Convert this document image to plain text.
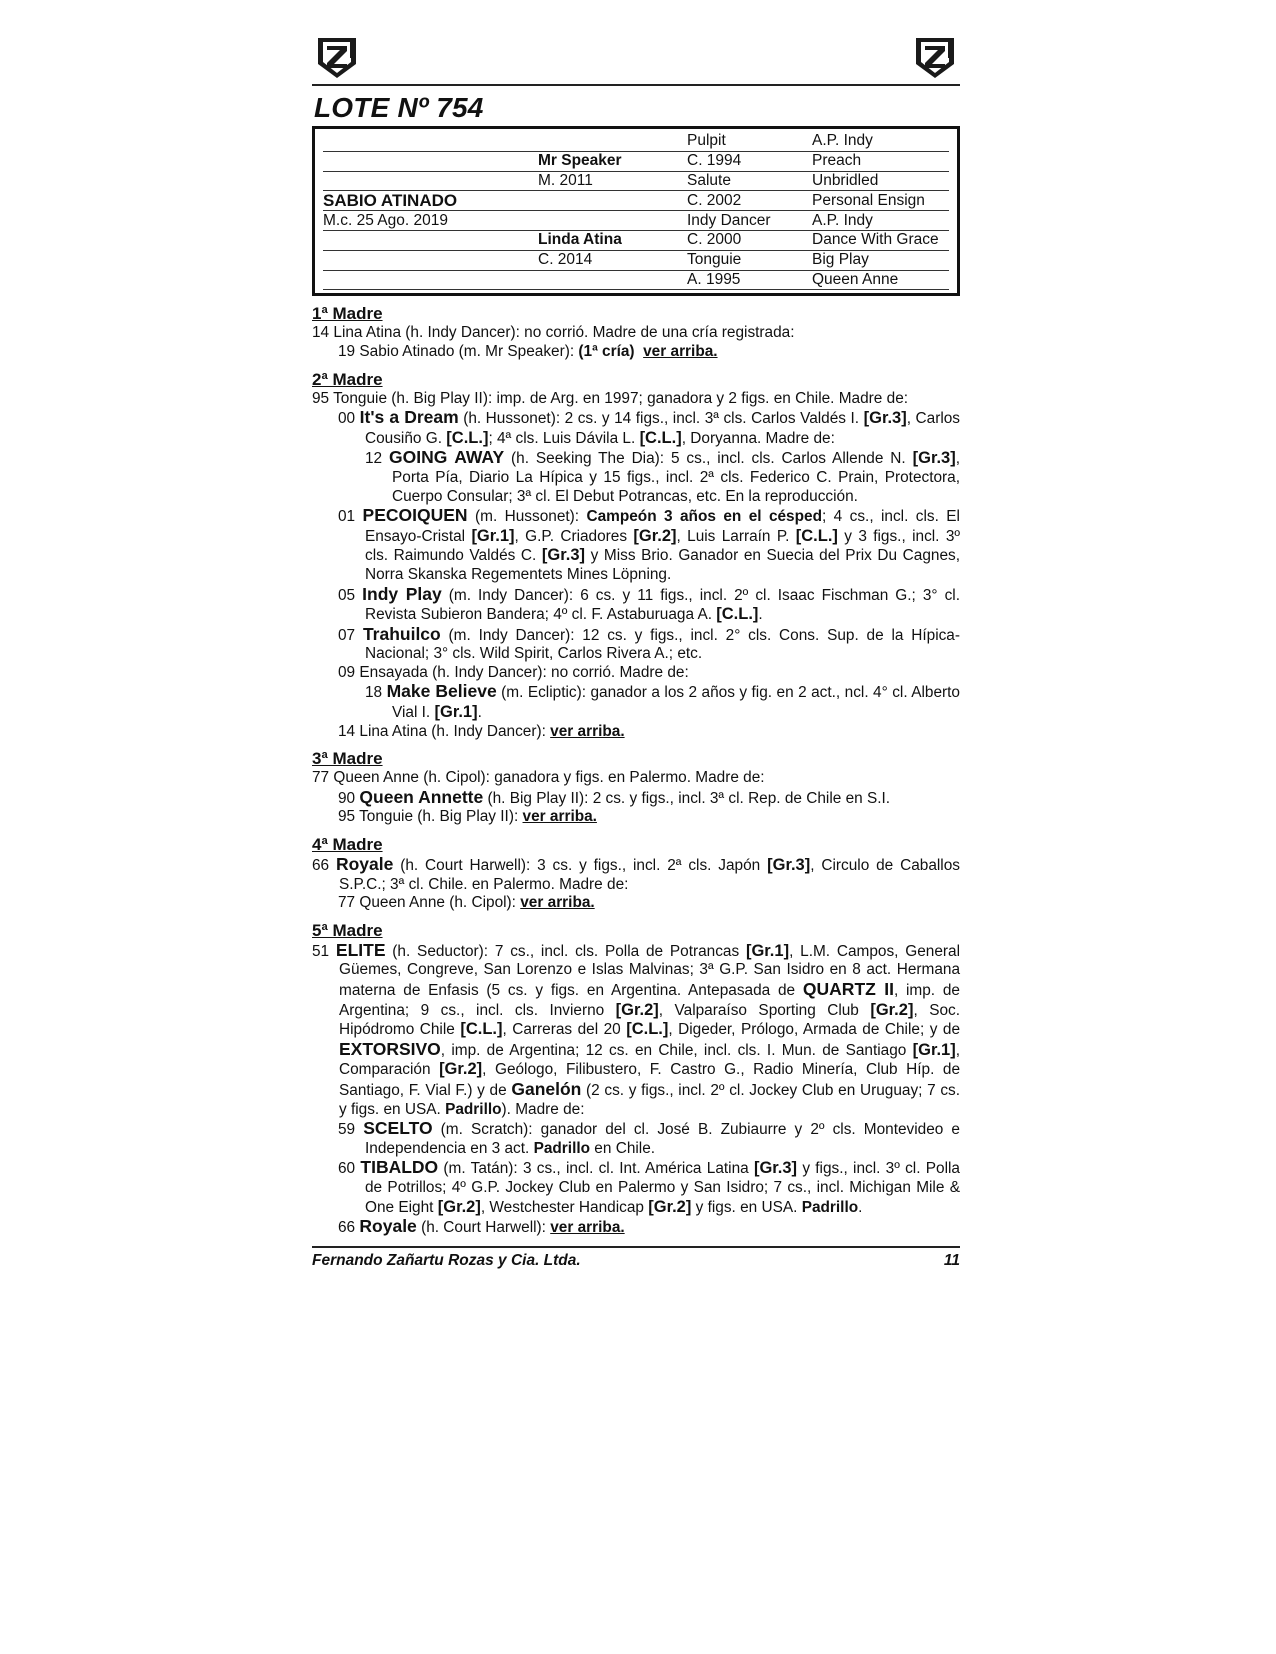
LOTE Nº 754
		Pulpit	A.P. Indy
	Mr Speaker	C. 1994	Preach
	M. 2011	Salute	Unbridled
SABIO ATINADO		C. 2002	Personal Ensign
M.c. 25 Ago. 2019		Indy Dancer	A.P. Indy
	Linda Atina	C. 2000	Dance With Grace
	C. 2014	Tonguie	Big Play
		A. 1995	Queen Anne
1ª Madre

14 Lina Atina (h. Indy Dancer): no corrió. Madre de una cría registrada:

19 Sabio Atinado (m. Mr Speaker): (1ª cría) ver arriba.

2ª Madre

95 Tonguie (h. Big Play II): imp. de Arg. en 1997; ganadora y 2 figs. en Chile. Madre de:

00 It's a Dream (h. Hussonet): 2 cs. y 14 figs., incl. 3ª cls. Carlos Valdés I. [Gr.3], Carlos Cousiño G. [C.L.]; 4ª cls. Luis Dávila L. [C.L.], Doryanna. Madre de:

12 GOING AWAY (h. Seeking The Dia): 5 cs., incl. cls. Carlos Allende N. [Gr.3], Porta Pía, Diario La Hípica y 15 figs., incl. 2ª cls. Federico C. Prain, Protectora, Cuerpo Consular; 3ª cl. El Debut Potrancas, etc. En la reproducción.

01 PECOIQUEN (m. Hussonet): Campeón 3 años en el césped; 4 cs., incl. cls. El Ensayo-Cristal [Gr.1], G.P. Criadores [Gr.2], Luis Larraín P. [C.L.] y 3 figs., incl. 3º cls. Raimundo Valdés C. [Gr.3] y Miss Brio. Ganador en Suecia del Prix Du Cagnes, Norra Skanska Regementets Mines Löpning.

05 Indy Play (m. Indy Dancer): 6 cs. y 11 figs., incl. 2º cl. Isaac Fischman G.; 3° cl. Revista Subieron Bandera; 4º cl. F. Astaburuaga A. [C.L.].

07 Trahuilco (m. Indy Dancer): 12 cs. y figs., incl. 2° cls. Cons. Sup. de la Hípica-Nacional; 3° cls. Wild Spirit, Carlos Rivera A.; etc.

09 Ensayada (h. Indy Dancer): no corrió. Madre de:

18 Make Believe (m. Ecliptic): ganador a los 2 años y fig. en 2 act., ncl. 4° cl. Alberto Vial I. [Gr.1].

14 Lina Atina (h. Indy Dancer): ver arriba.

3ª Madre

77 Queen Anne (h. Cipol): ganadora y figs. en Palermo. Madre de:

90 Queen Annette (h. Big Play II): 2 cs. y figs., incl. 3ª cl. Rep. de Chile en S.I.

95 Tonguie (h. Big Play II): ver arriba.

4ª Madre

66 Royale (h. Court Harwell): 3 cs. y figs., incl. 2ª cls. Japón [Gr.3], Circulo de Caballos S.P.C.; 3ª cl. Chile. en Palermo. Madre de:

77 Queen Anne (h. Cipol): ver arriba.

5ª Madre

51 ELITE (h. Seductor): 7 cs., incl. cls. Polla de Potrancas [Gr.1], L.M. Campos, General Güemes, Congreve, San Lorenzo e Islas Malvinas; 3ª G.P. San Isidro en 8 act. Hermana materna de Enfasis (5 cs. y figs. en Argentina. Antepasada de QUARTZ II, imp. de Argentina; 9 cs., incl. cls. Invierno [Gr.2], Valparaíso Sporting Club [Gr.2], Soc. Hipódromo Chile [C.L.], Carreras del 20 [C.L.], Digeder, Prólogo, Armada de Chile; y de EXTORSIVO, imp. de Argentina; 12 cs. en Chile, incl. cls. I. Mun. de Santiago [Gr.1], Comparación [Gr.2], Geólogo, Filibustero, F. Castro G., Radio Minería, Club Híp. de Santiago, F. Vial F.) y de Ganelón (2 cs. y figs., incl. 2º cl. Jockey Club en Uruguay; 7 cs. y figs. en USA. Padrillo). Madre de:

59 SCELTO (m. Scratch): ganador del cl. José B. Zubiaurre y 2º cls. Montevideo e Independencia en 3 act. Padrillo en Chile.

60 TIBALDO (m. Tatán): 3 cs., incl. cl. Int. América Latina [Gr.3] y figs., incl. 3º cl. Polla de Potrillos; 4º G.P. Jockey Club en Palermo y San Isidro; 7 cs., incl. Michigan Mile & One Eight [Gr.2], Westchester Handicap [Gr.2] y figs. en USA. Padrillo.

66 Royale (h. Court Harwell): ver arriba.

Fernando Zañartu Rozas y Cia. Ltda.	11
